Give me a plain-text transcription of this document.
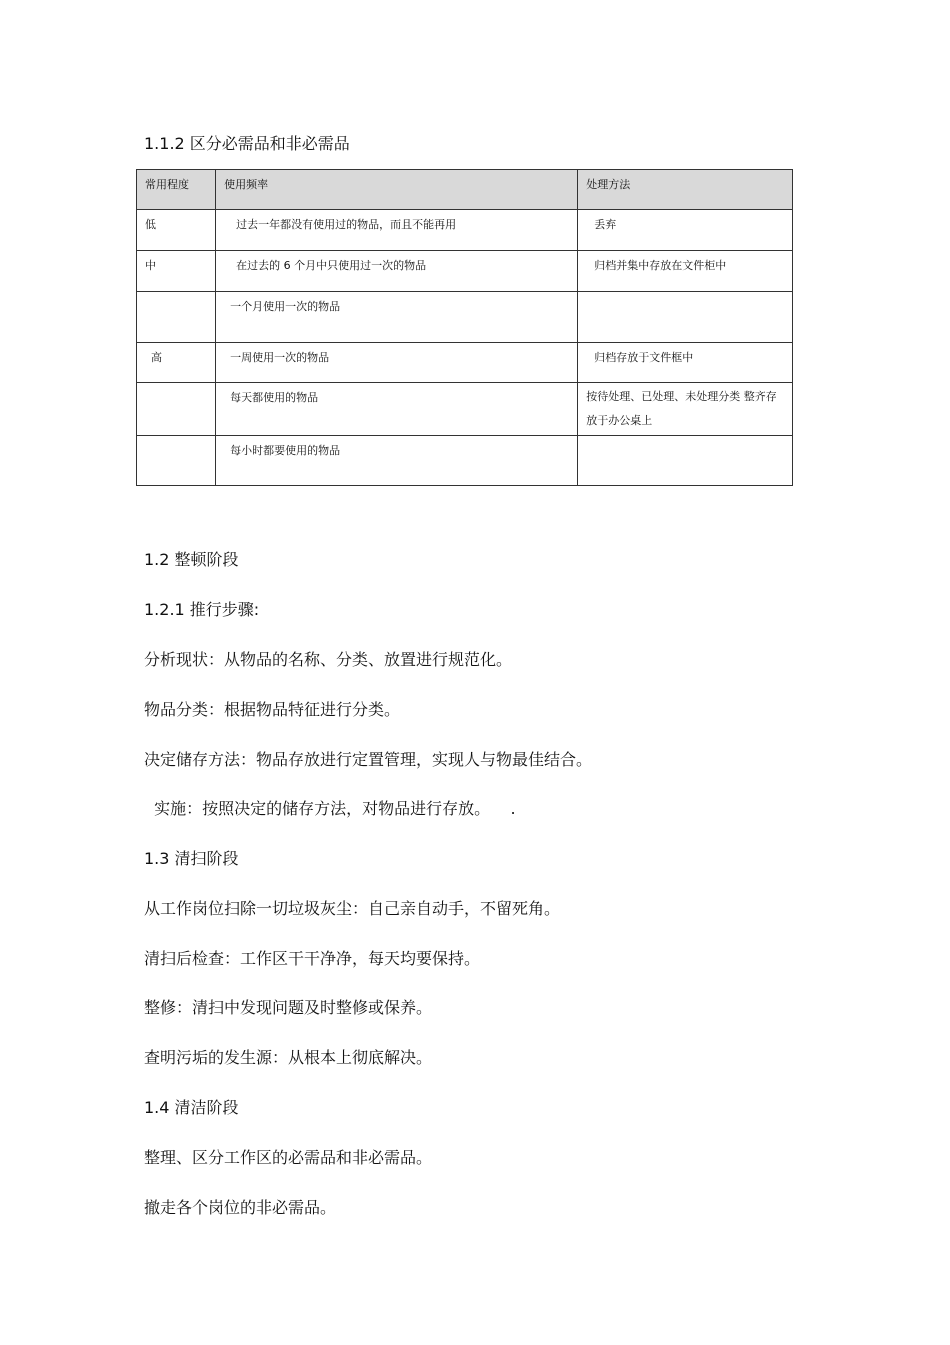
1.1.2 区分必需品和非必需品
常用程度	使用频率	处理方法
低	过去一年都没有使用过的物品，而且不能再用	丢弃
中	在过去的 6 个月中只使用过一次的物品	归档并集中存放在文件柜中
	一个月使用一次的物品	
高	一周使用一次的物品	归档存放于文件框中
	每天都使用的物品	按待处理、已处理、未处理分类 整齐存放于办公桌上
	每小时都要使用的物品	
1.2 整顿阶段
1.2.1 推行步骤:
分析现状：从物品的名称、分类、放置进行规范化。
物品分类：根据物品特征进行分类。
决定储存方法：物品存放进行定置管理，实现人与物最佳结合。
实施：按照决定的储存方法，对物品进行存放。    .
1.3 清扫阶段
从工作岗位扫除一切垃圾灰尘：自己亲自动手，不留死角。
清扫后检查：工作区干干净净，每天均要保持。
整修：清扫中发现问题及时整修或保养。
查明污垢的发生源：从根本上彻底解决。
1.4 清洁阶段
整理、区分工作区的必需品和非必需品。
撤走各个岗位的非必需品。
